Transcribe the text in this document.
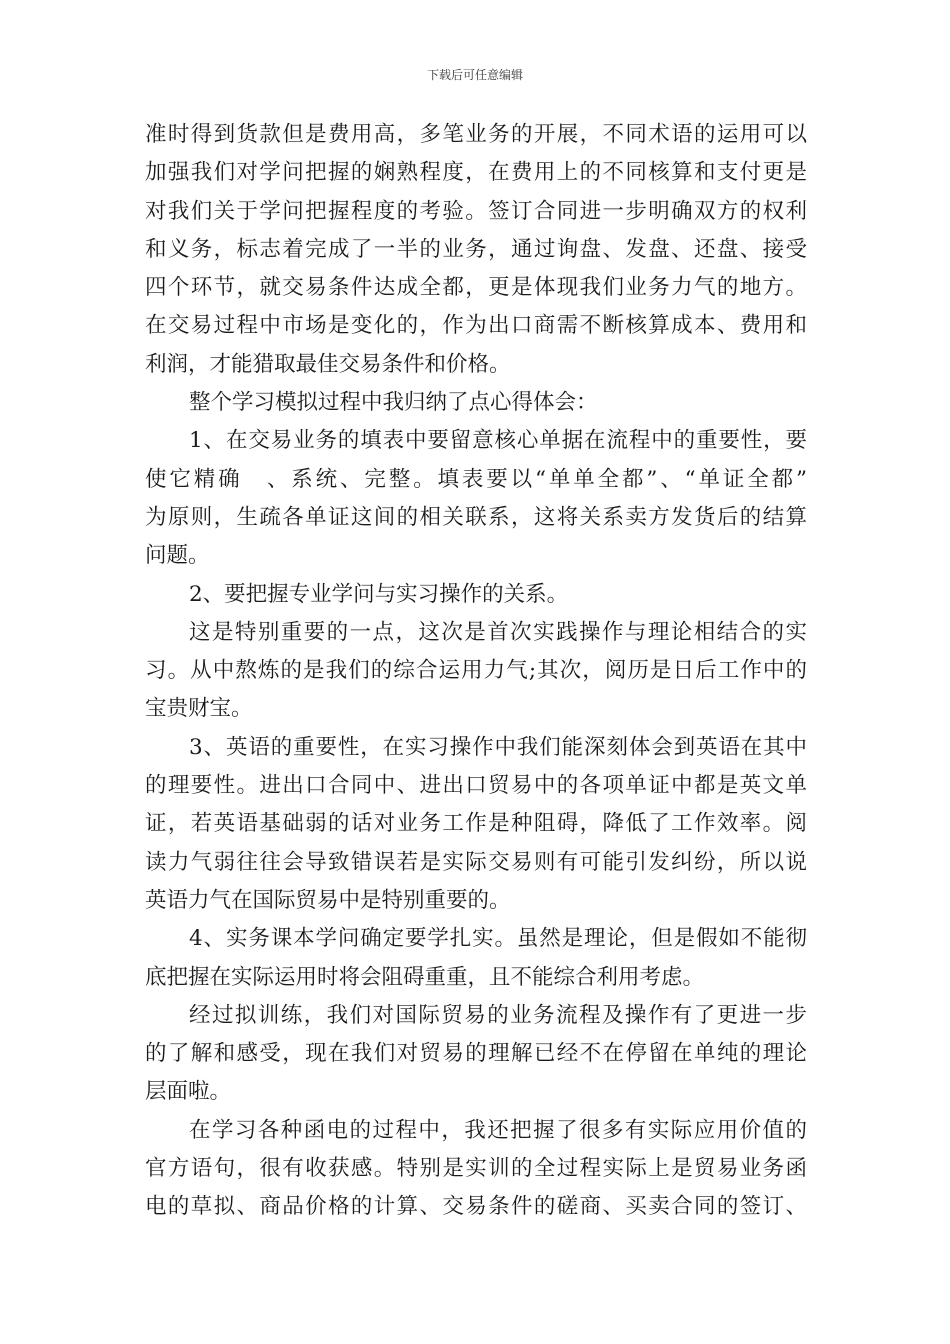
下载后可任意编辑
准时得到货款但是费用高，多笔业务的开展，不同术语的运用可以
加强我们对学问把握的娴熟程度，在费用上的不同核算和支付更是
对我们关于学问把握程度的考验。签订合同进一步明确双方的权利
和义务，标志着完成了一半的业务，通过询盘、发盘、还盘、接受
四个环节，就交易条件达成全都，更是体现我们业务力气的地方。
在交易过程中市场是变化的，作为出口商需不断核算成本、费用和
利润，才能猎取最佳交易条件和价格。
整个学习模拟过程中我归纳了点心得体会：
1、在交易业务的填表中要留意核心单据在流程中的重要性，要
使它精确　、系统、完整。填表要以“单单全都”、“单证全都”
为原则，生疏各单证这间的相关联系，这将关系卖方发货后的结算
问题。
2、要把握专业学问与实习操作的关系。
这是特别重要的一点，这次是首次实践操作与理论相结合的实
习。从中熬炼的是我们的综合运用力气;其次，阅历是日后工作中的
宝贵财宝。
3、英语的重要性，在实习操作中我们能深刻体会到英语在其中
的理要性。进出口合同中、进出口贸易中的各项单证中都是英文单
证，若英语基础弱的话对业务工作是种阻碍，降低了工作效率。阅
读力气弱往往会导致错误若是实际交易则有可能引发纠纷，所以说
英语力气在国际贸易中是特别重要的。
4、实务课本学问确定要学扎实。虽然是理论，但是假如不能彻
底把握在实际运用时将会阻碍重重，且不能综合利用考虑。
经过拟训练，我们对国际贸易的业务流程及操作有了更进一步
的了解和感受，现在我们对贸易的理解已经不在停留在单纯的理论
层面啦。
在学习各种函电的过程中，我还把握了很多有实际应用价值的
官方语句，很有收获感。特别是实训的全过程实际上是贸易业务函
电的草拟、商品价格的计算、交易条件的磋商、买卖合同的签订、
